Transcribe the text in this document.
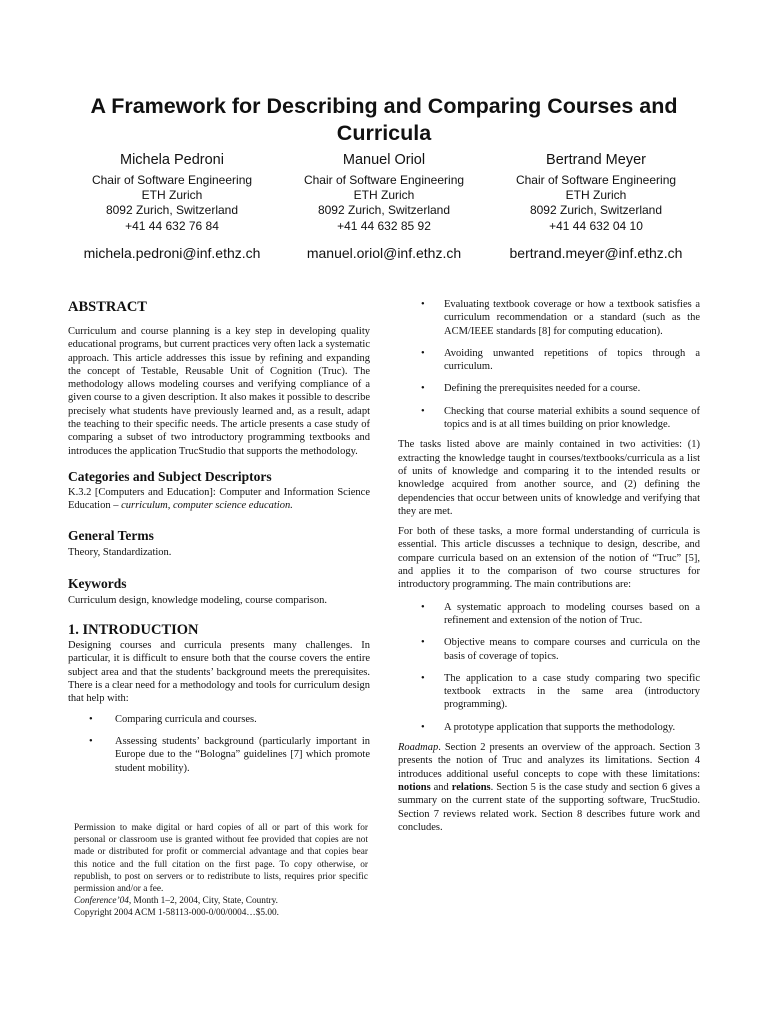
A Framework for Describing and Comparing Courses and Curricula
Michela Pedroni
Chair of Software Engineering
ETH Zurich
8092 Zurich, Switzerland
+41 44 632 76 84
michela.pedroni@inf.ethz.ch
Manuel Oriol
Chair of Software Engineering
ETH Zurich
8092 Zurich, Switzerland
+41 44 632 85 92
manuel.oriol@inf.ethz.ch
Bertrand Meyer
Chair of Software Engineering
ETH Zurich
8092 Zurich, Switzerland
+41 44 632 04 10
bertrand.meyer@inf.ethz.ch
ABSTRACT

Curriculum and course planning is a key step in developing quality educational programs, but current practices very often lack a systematic approach. This article addresses this issue by refining and expanding the concept of Testable, Reusable Unit of Cognition (Truc). The methodology allows modeling courses and verifying compliance of a given course to a given description. It also makes it possible to describe precisely what students have previously learned and, as a result, adapt the teaching to their specific needs. The article presents a case study of comparing a subset of two introductory programming textbooks and introduces the application TrucStudio that supports the methodology.

Categories and Subject Descriptors

K.3.2 [Computers and Education]: Computer and Information Science Education – curriculum, computer science education.

General Terms

Theory, Standardization.

Keywords

Curriculum design, knowledge modeling, course comparison.

1. INTRODUCTION

Designing courses and curricula presents many challenges. In particular, it is difficult to ensure both that the course covers the entire subject area and that the students’ background meets the prerequisites. There is a clear need for a methodology and tools for curriculum design that help with:

• Comparing curricula and courses.
• Assessing students’ background (particularly important in Europe due to the “Bologna” guidelines [7] which promote student mobility).

Permission to make digital or hard copies of all or part of this work for personal or classroom use is granted without fee provided that copies are not made or distributed for profit or commercial advantage and that copies bear this notice and the full citation on the first page. To copy otherwise, or republish, to post on servers or to redistribute to lists, requires prior specific permission and/or a fee.

Conference’04, Month 1–2, 2004, City, State, Country.

Copyright 2004 ACM 1-58113-000-0/00/0004…$5.00.

• Evaluating textbook coverage or how a textbook satisfies a curriculum recommendation or a standard (such as the ACM/IEEE standards [8] for computing education).
• Avoiding unwanted repetitions of topics through a curriculum.
• Defining the prerequisites needed for a course.
• Checking that course material exhibits a sound sequence of topics and is at all times building on prior knowledge.

The tasks listed above are mainly contained in two activities: (1) extracting the knowledge taught in courses/textbooks/curricula as a list of units of knowledge and comparing it to the intended results or knowledge acquired from another source, and (2) defining the dependencies that occur between units of knowledge and verifying that they are met.

For both of these tasks, a more formal understanding of curricula is essential. This article discusses a technique to design, describe, and compare curricula based on an extension of the notion of “Truc” [5], and applies it to the comparison of two course structures for introductory programming. The main contributions are:

• A systematic approach to modeling courses based on a refinement and extension of the notion of Truc.
• Objective means to compare courses and curricula on the basis of coverage of topics.
• The application to a case study comparing two specific textbook extracts in the same area (introductory programming).
• A prototype application that supports the methodology.

Roadmap. Section 2 presents an overview of the approach. Section 3 presents the notion of Truc and analyzes its limitations. Section 4 introduces additional useful concepts to cope with these limitations: notions and relations. Section 5 is the case study and section 6 gives a summary on the current state of the supporting software, TrucStudio. Section 7 reviews related work. Section 8 describes future work and concludes.
